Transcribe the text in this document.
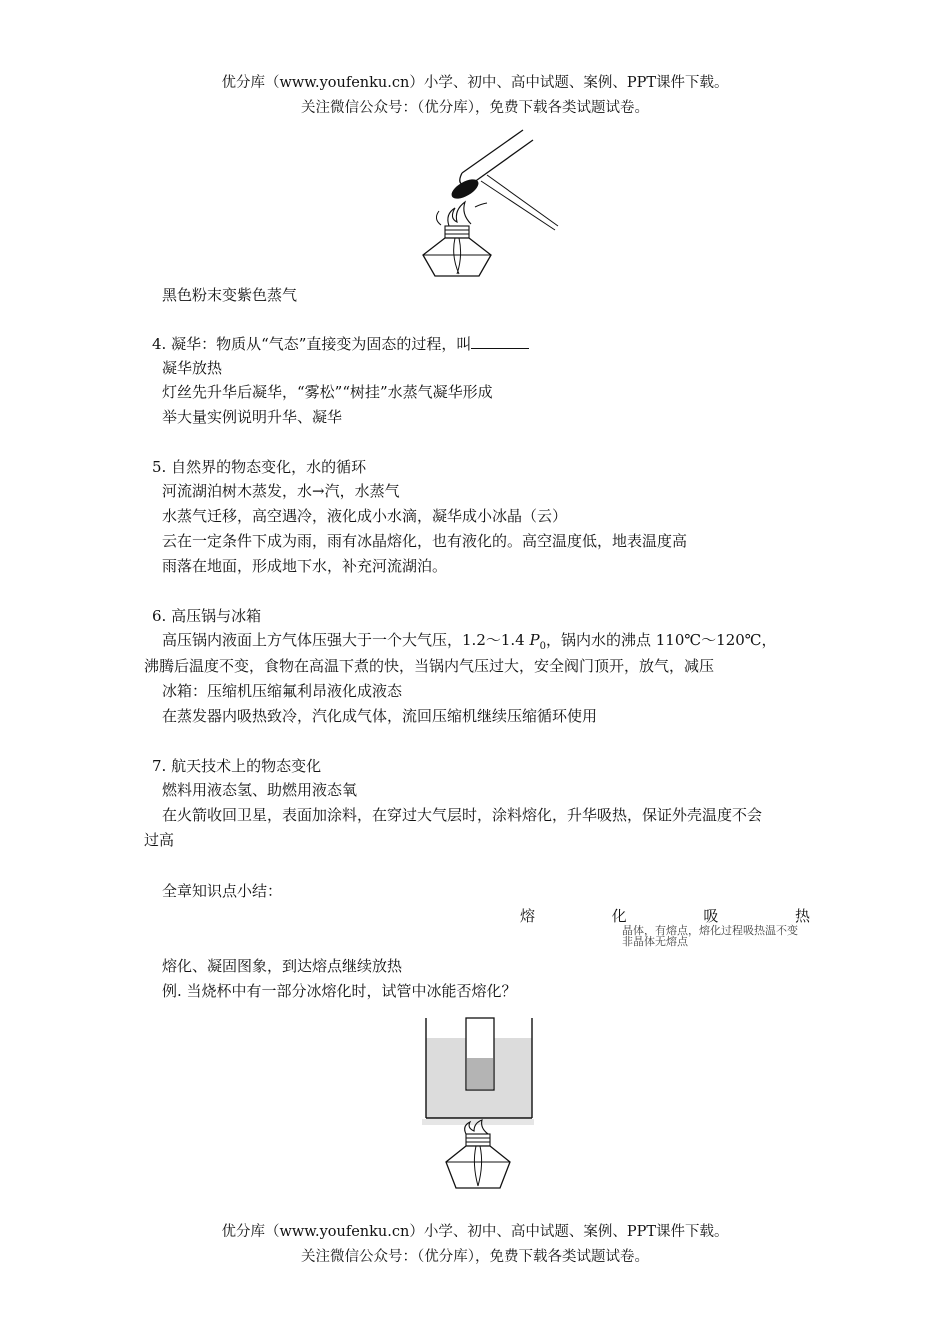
优分库（www.youfenku.cn）小学、初中、高中试题、案例、PPT课件下载。
关注微信公众号：（优分库），免费下载各类试题试卷。
黑色粉末变紫色蒸气
4. 凝华：物质从“气态”直接变为固态的过程，叫
凝华放热
灯丝先升华后凝华，“雾松”“树挂”水蒸气凝华形成
举大量实例说明升华、凝华
5. 自然界的物态变化，水的循环
河流湖泊树木蒸发，水→汽，水蒸气
水蒸气迁移，高空遇冷，液化成小水滴，凝华成小冰晶（云）
云在一定条件下成为雨，雨有冰晶熔化，也有液化的。高空温度低，地表温度高
雨落在地面，形成地下水，补充河流湖泊。
6. 高压锅与冰箱
高压锅内液面上方气体压强大于一个大气压，1.2～1.4 $P_0$，锅内水的沸点 110℃～120℃，
沸腾后温度不变，食物在高温下煮的快，当锅内气压过大，安全阀门顶开，放气，减压
冰箱：压缩机压缩氟利昂液化成液态
在蒸发器内吸热致冷，汽化成气体，流回压缩机继续压缩循环使用
7. 航天技术上的物态变化
燃料用液态氢、助燃用液态氧
在火箭收回卫星，表面加涂料，在穿过大气层时，涂料熔化，升华吸热，保证外壳温度不会
过高
全章知识点小结：
熔	化	吸	热
晶体，有熔点，熔化过程吸热温不变
非晶体无熔点
熔化、凝固图象，到达熔点继续放热
例. 当烧杯中有一部分冰熔化时，试管中冰能否熔化？
优分库（www.youfenku.cn）小学、初中、高中试题、案例、PPT课件下载。
关注微信公众号：（优分库），免费下载各类试题试卷。
